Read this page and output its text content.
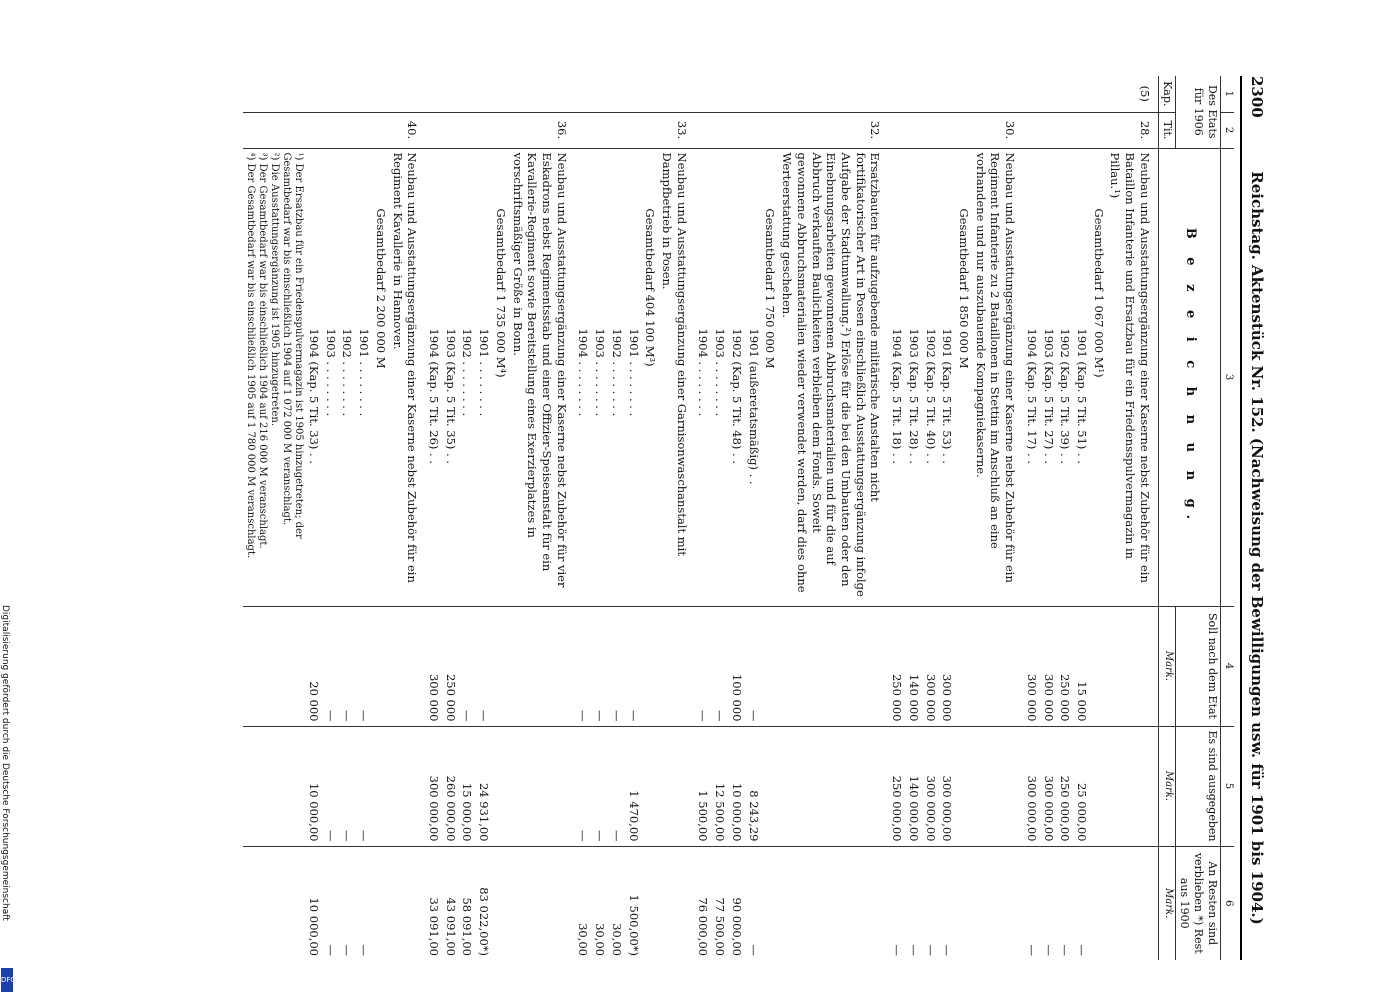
2300
Reichstag. Aktenstück Nr. 152. (Nachweisung der Bewilligungen usw. für 1901 bis 1904.)
1	2	3	4	5	6
Des Etats für 1906		B e z e i c h n u n g.	Soll nach dem Etat	Es sind ausgegeben	An Resten sind verblieben *) Rest aus 1900
Kap.	Tit.		Mark.	Mark.	Mark.
(5)	28.	Neubau und Ausstattungsergänzung einer Kaserne nebst Zubehör für ein Bataillon Infanterie und Ersatzbau für ein Friedensspulvermagazin in Pillau.¹)			
		Gesamtbedarf 1 067 000 M¹)			
		1901 (Kap. 5 Tit. 51) . .	15 000	25 000,00	—
		1902 (Kap. 5 Tit. 39) . .	250 000	250 000,00	—
		1903 (Kap. 5 Tit. 27) . .	300 000	300 000,00	—
		1904 (Kap. 5 Tit. 17) . .	300 000	300 000,00	—
	30.	Neubau und Ausstattungsergänzung einer Kaserne nebst Zubehör für ein Regiment Infanterie zu 2 Bataillonen in Stettin im Anschluß an eine vorhandene und nur auszubauende Kompagniekaserne.			
		Gesamtbedarf 1 850 000 M			
		1901 (Kap. 5 Tit. 53) . .	300 000	300 000,00	—
		1902 (Kap. 5 Tit. 40) . .	300 000	300 000,00	—
		1903 (Kap. 5 Tit. 28) . .	140 000	140 000,00	—
		1904 (Kap. 5 Tit. 18) . .	250 000	250 000,00	—
	32.	Ersatzbauten für aufzugebende militärische Anstalten nicht fortifikatorischer Art in Posen einschließlich Ausstattungsergänzung infolge Aufgabe der Stadtumwallung.²) Erlöse für die bei den Umbauten oder den Einebnungsarbeiten gewonnenen Abbruchsmaterialien und für die auf Abbruch verkauften Baulichkeiten verbleiben dem Fonds. Soweit gewonnene Abbruchsmaterialien wieder verwendet werden, darf dies ohne Werteerstattung geschehen.			
		Gesamtbedarf 1 750 000 M			
		1901 (außeretatsmäßig) . .	—	8 243,29	—
		1902 (Kap. 5 Tit. 48) . .	100 000	10 000,00	90 000,00
		1903 . . . . . . . .	—	12 500,00	77 500,00
		1904 . . . . . . . .	—	1 500,00	76 000,00
	33.	Neubau und Ausstattungsergänzung einer Garnisonwaschanstalt mit Dampfbetrieb in Posen.			
		Gesamtbedarf 404 100 M³)			
		1901 . . . . . . . .	—	1 470,00	1 500,00*)
		1902 . . . . . . . .	—	—	30,00
		1903 . . . . . . . .	—	—	30,00
		1904 . . . . . . . .	—	—	30,00
	36.	Neubau und Ausstattungsergänzung einer Kaserne nebst Zubehör für vier Eskadrons nebst Regimentsstab und einer Offizier-Speiseanstalt für ein Kavallerie-Regiment sowie Bereitstellung eines Exerzierplatzes in vorschriftsmäßiger Größe in Bonn.			
		Gesamtbedarf 1 735 000 M⁴)			
		1901 . . . . . . . .	—	24 931,00	83 022,00*)
		1902 . . . . . . . .	—	15 000,00	58 091,00
		1903 (Kap. 5 Tit. 35) . .	250 000	260 000,00	43 091,00
		1904 (Kap. 5 Tit. 26) . .	300 000	300 000,00	33 091,00
	40.	Neubau und Ausstattungsergänzung einer Kaserne nebst Zubehör für ein Regiment Kavallerie in Hannover.			
		Gesamtbedarf 2 200 000 M			
		1901 . . . . . . . .	—	—	—
		1902 . . . . . . . .	—	—	—
		1903 . . . . . . . .	—	—	—
		1904 (Kap. 5 Tit. 33) . .	20 000	10 000,00	10 000,00

		¹) Der Ersatzbau für ein Friedenspulvermagazin ist 1905 hinzugetreten; der Gesamtbedarf war bis einschließlich 1904 auf 1 072 000 M veranschlagt.
²) Die Ausstattungsergänzung ist 1905 hinzugetreten.
³) Der Gesamtbedarf war bis einschließlich 1904 auf 216 000 M veranschlagt.
⁴) Der Gesamtbedarf war bis einschließlich 1905 auf 1 780 000 M veranschlagt.			

Digitalisierung gefördert durch die Deutsche Forschungsgemeinschaft
DFG
